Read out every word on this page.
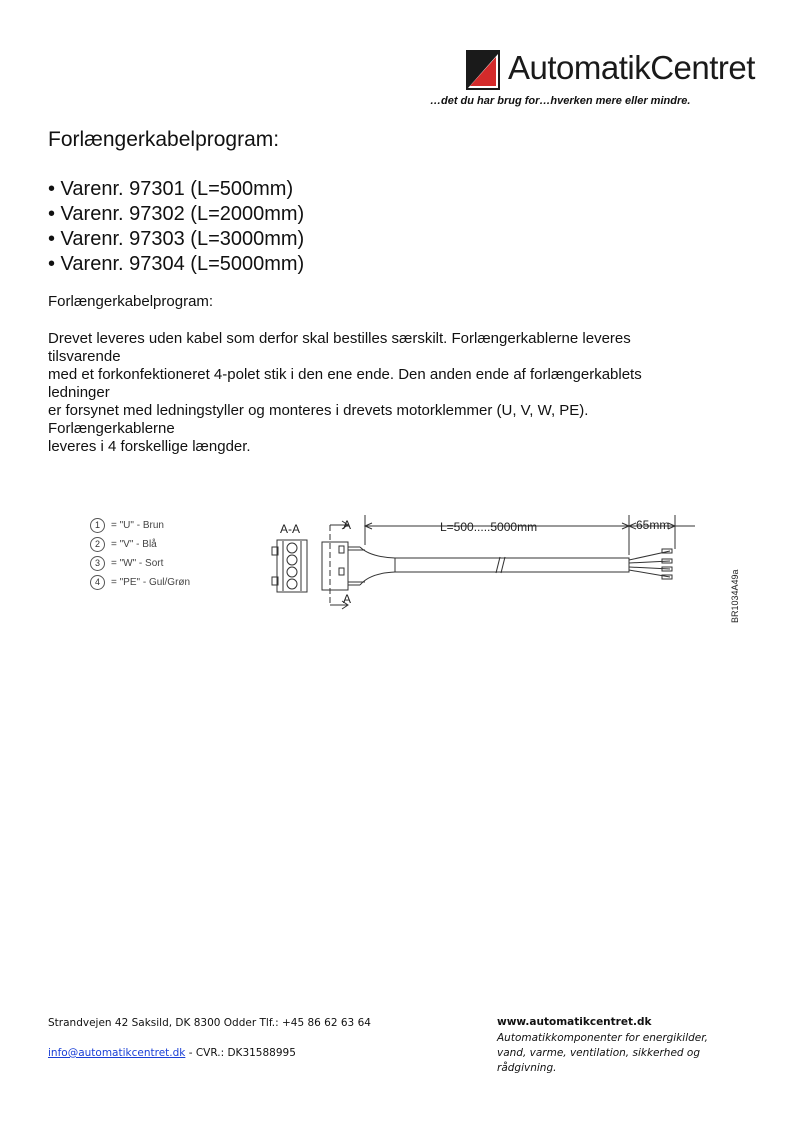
AutomatikCentret
…det du har brug for…hverken mere eller mindre.
Forlængerkabelprogram:
• Varenr. 97301 (L=500mm)
• Varenr. 97302 (L=2000mm)
• Varenr. 97303 (L=3000mm)
• Varenr. 97304 (L=5000mm)
Forlængerkabelprogram:
Drevet leveres uden kabel som derfor skal bestilles særskilt. Forlængerkablerne leveres
tilsvarende
med et forkonfektioneret 4-polet stik i den ene ende. Den anden ende af forlængerkablets
ledninger
er forsynet med ledningstyller og monteres i drevets motorklemmer (U, V, W, PE).
Forlængerkablerne
leveres i 4 forskellige længder.
1	= "U" - Brun
2	= "V" - Blå
3	= "W" - Sort
4	= "PE" - Gul/Grøn
A-A	A
A
L=500.....5000mm	65mm
BR1034A49a
Strandvejen 42 Saksild, DK 8300 Odder Tlf.: +45 86 62 63 64
info@automatikcentret.dk - CVR.: DK31588995
www.automatikcentret.dk
Automatikkomponenter for energikilder,
vand, varme, ventilation, sikkerhed og
rådgivning.
